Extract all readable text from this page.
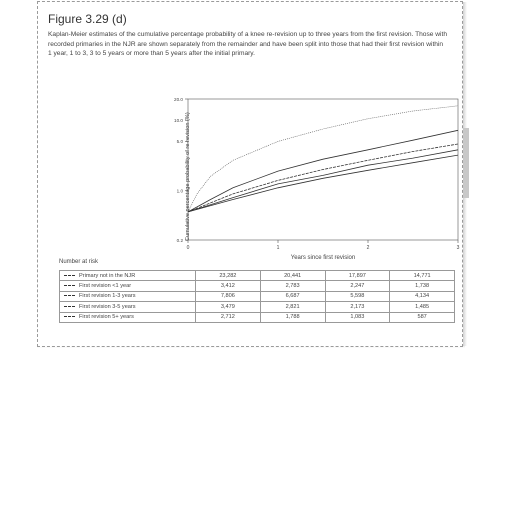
Figure 3.29 (d)
Kaplan-Meier estimates of the cumulative percentage probability of a knee re-revision up to three years from the first revision. Those with recorded primaries in the NJR are shown separately from the remainder and have been split into those that had their first revision within 1 year, 1 to 3, 3 to 5 years or more than 5 years after the initial primary.
Cumulative percentage probability of re-revision (%)
Years since first revision
0	1	2	3
0.2
1.0
5.0
10.0
20.0
Number at risk
Primary not in the NJR	23,282	20,441	17,897	14,771
First revision <1 year	3,412	2,783	2,247	1,738
First revision 1-3 years	7,806	6,687	5,598	4,134
First revision 3-5 years	3,479	2,821	2,173	1,485
First revision 5+ years	2,712	1,788	1,083	587
